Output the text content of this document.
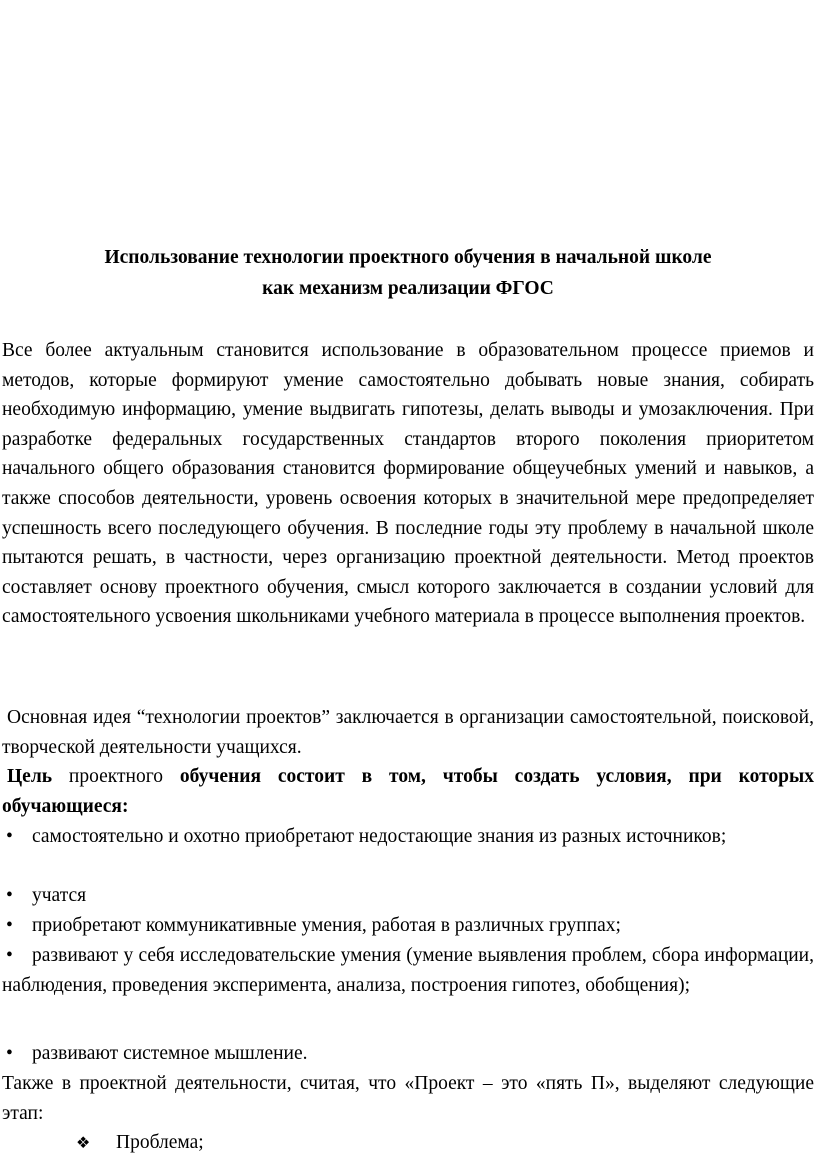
Использование технологии проектного обучения в начальной школе
как механизм реализации ФГОС
Все более актуальным становится использование в образовательном процессе приемов и методов, которые формируют умение самостоятельно добывать новые знания, собирать необходимую информацию, умение выдвигать гипотезы, делать выводы и умозаключения. При разработке федеральных государственных стандартов второго поколения приоритетом начального общего образования становится формирование общеучебных умений и навыков, а также способов деятельности, уровень освоения которых в значительной мере предопределяет успешность всего последующего обучения. В последние годы эту проблему в начальной школе пытаются решать, в частности, через организацию проектной деятельности. Метод проектов составляет основу проектного обучения, смысл которого заключается в создании условий для самостоятельного усвоения школьниками учебного материала в процессе выполнения проектов.
Основная идея “технологии проектов” заключается в организации самостоятельной, поисковой, творческой деятельности учащихся.
Цель проектного обучения состоит в том, чтобы создать условия, при которых обучающиеся:
• самостоятельно и охотно приобретают недостающие знания из разных источников;
• учатся
• приобретают коммуникативные умения, работая в различных группах;
• развивают у себя исследовательские умения (умение выявления проблем, сбора информации, наблюдения, проведения эксперимента, анализа, построения гипотез, обобщения);
• развивают системное мышление.
Также в проектной деятельности, считая, что «Проект – это «пять П», выделяют следующие этап:
❖ Проблема;
